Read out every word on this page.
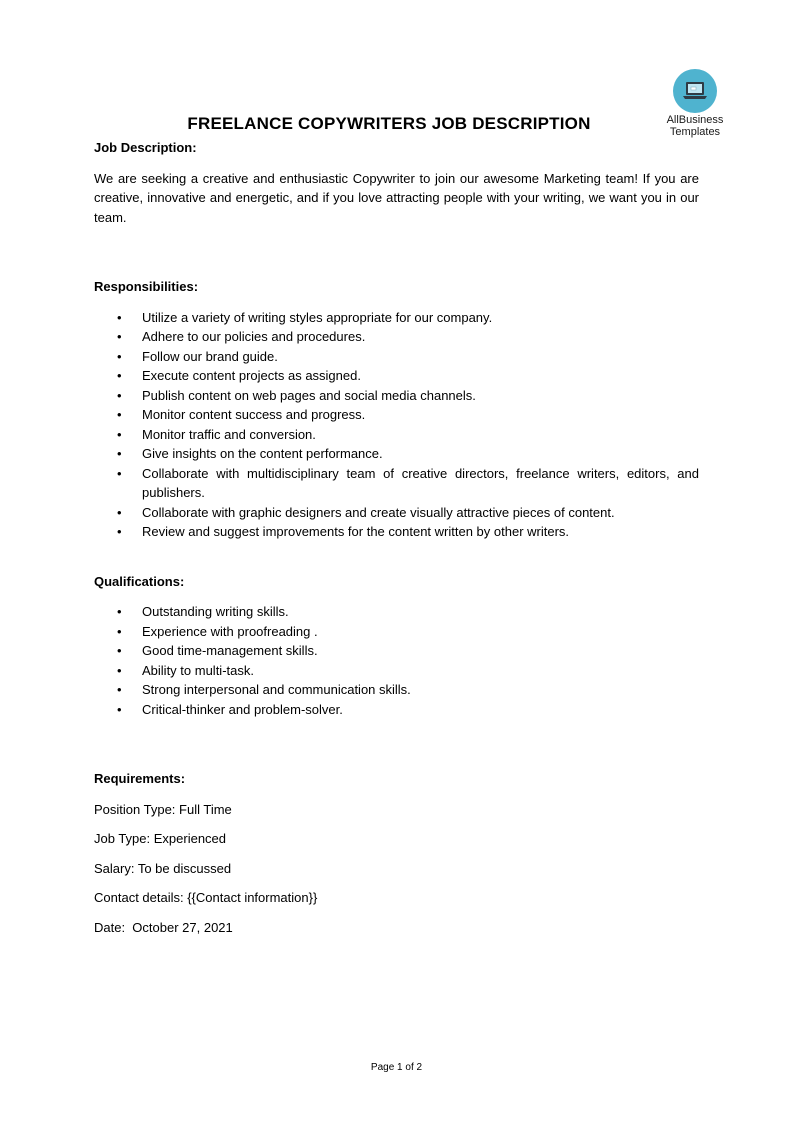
AllBusiness
Templates
FREELANCE COPYWRITERS JOB DESCRIPTION

Job Description:

We are seeking a creative and enthusiastic Copywriter to join our awesome Marketing team! If you are creative, innovative and energetic, and if you love attracting people with your writing, we want you in our team.

Responsibilities:

• Utilize a variety of writing styles appropriate for our company.
• Adhere to our policies and procedures.
• Follow our brand guide.
• Execute content projects as assigned.
• Publish content on web pages and social media channels.
• Monitor content success and progress.
• Monitor traffic and conversion.
• Give insights on the content performance.
• Collaborate with multidisciplinary team of creative directors, freelance writers, editors, and publishers.
• Collaborate with graphic designers and create visually attractive pieces of content.
• Review and suggest improvements for the content written by other writers.

Qualifications:

• Outstanding writing skills.
• Experience with proofreading .
• Good time-management skills.
• Ability to multi-task.
• Strong interpersonal and communication skills.
• Critical-thinker and problem-solver.

Requirements:

Position Type: Full Time

Job Type: Experienced

Salary: To be discussed

Contact details: {{Contact information}}

Date:  October 27, 2021

Page 1 of 2
